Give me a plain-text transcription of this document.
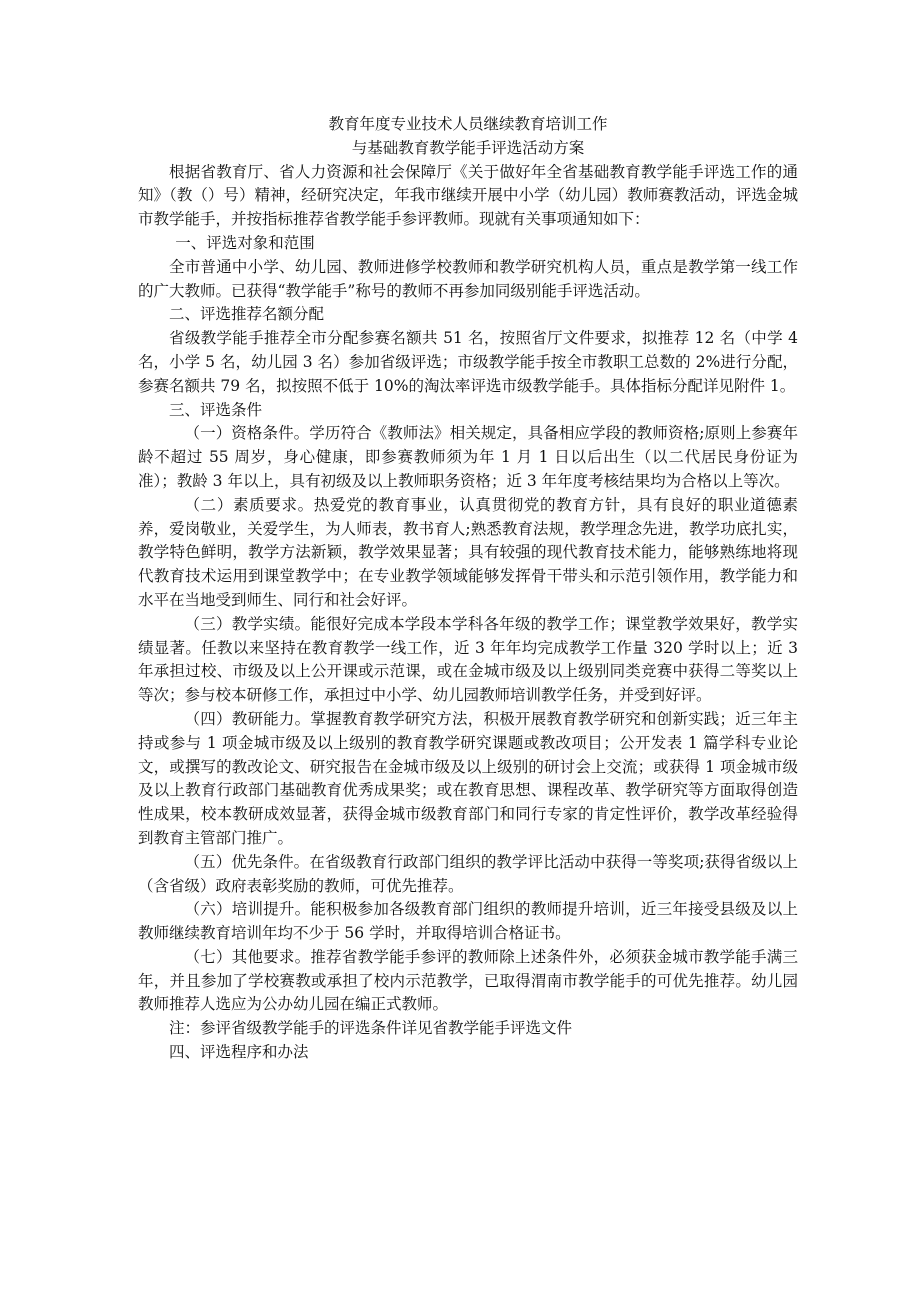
教育年度专业技术人员继续教育培训工作

与基础教育教学能手评选活动方案

根据省教育厅、省人力资源和社会保障厅《关于做好年全省基础教育教学能手评选工作的通知》（教（）号）精神，经研究决定，年我市继续开展中小学（幼儿园）教师赛教活动，评选金城市教学能手，并按指标推荐省教学能手参评教师。现就有关事项通知如下：

一、评选对象和范围

全市普通中小学、幼儿园、教师进修学校教师和教学研究机构人员，重点是教学第一线工作的广大教师。已获得“教学能手”称号的教师不再参加同级别能手评选活动。

二、评选推荐名额分配

省级教学能手推荐全市分配参赛名额共 51 名，按照省厅文件要求，拟推荐 12 名（中学 4 名，小学 5 名，幼儿园 3 名）参加省级评选；市级教学能手按全市教职工总数的 2%进行分配，参赛名额共 79 名，拟按照不低于 10%的淘汰率评选市级教学能手。具体指标分配详见附件 1。

三、评选条件

（一）资格条件。学历符合《教师法》相关规定，具备相应学段的教师资格;原则上参赛年龄不超过 55 周岁，身心健康，即参赛教师须为年 1 月 1 日以后出生（以二代居民身份证为准）；教龄 3 年以上，具有初级及以上教师职务资格；近 3 年年度考核结果均为合格以上等次。

（二）素质要求。热爱党的教育事业，认真贯彻党的教育方针，具有良好的职业道德素养，爱岗敬业，关爱学生，为人师表，教书育人;熟悉教育法规，教学理念先进，教学功底扎实，教学特色鲜明，教学方法新颖，教学效果显著；具有较强的现代教育技术能力，能够熟练地将现代教育技术运用到课堂教学中；在专业教学领域能够发挥骨干带头和示范引领作用，教学能力和水平在当地受到师生、同行和社会好评。

（三）教学实绩。能很好完成本学段本学科各年级的教学工作；课堂教学效果好，教学实绩显著。任教以来坚持在教育教学一线工作，近 3 年年均完成教学工作量 320 学时以上；近 3 年承担过校、市级及以上公开课或示范课，或在金城市级及以上级别同类竞赛中获得二等奖以上等次；参与校本研修工作，承担过中小学、幼儿园教师培训教学任务，并受到好评。

（四）教研能力。掌握教育教学研究方法，积极开展教育教学研究和创新实践；近三年主持或参与 1 项金城市级及以上级别的教育教学研究课题或教改项目；公开发表 1 篇学科专业论文，或撰写的教改论文、研究报告在金城市级及以上级别的研讨会上交流；或获得 1 项金城市级及以上教育行政部门基础教育优秀成果奖；或在教育思想、课程改革、教学研究等方面取得创造性成果，校本教研成效显著，获得金城市级教育部门和同行专家的肯定性评价，教学改革经验得到教育主管部门推广。

（五）优先条件。在省级教育行政部门组织的教学评比活动中获得一等奖项;获得省级以上（含省级）政府表彰奖励的教师，可优先推荐。

（六）培训提升。能积极参加各级教育部门组织的教师提升培训，近三年接受县级及以上教师继续教育培训年均不少于 56 学时，并取得培训合格证书。

（七）其他要求。推荐省教学能手参评的教师除上述条件外，必须获金城市教学能手满三年，并且参加了学校赛教或承担了校内示范教学，已取得渭南市教学能手的可优先推荐。幼儿园教师推荐人选应为公办幼儿园在编正式教师。

注：参评省级教学能手的评选条件详见省教学能手评选文件

四、评选程序和办法
